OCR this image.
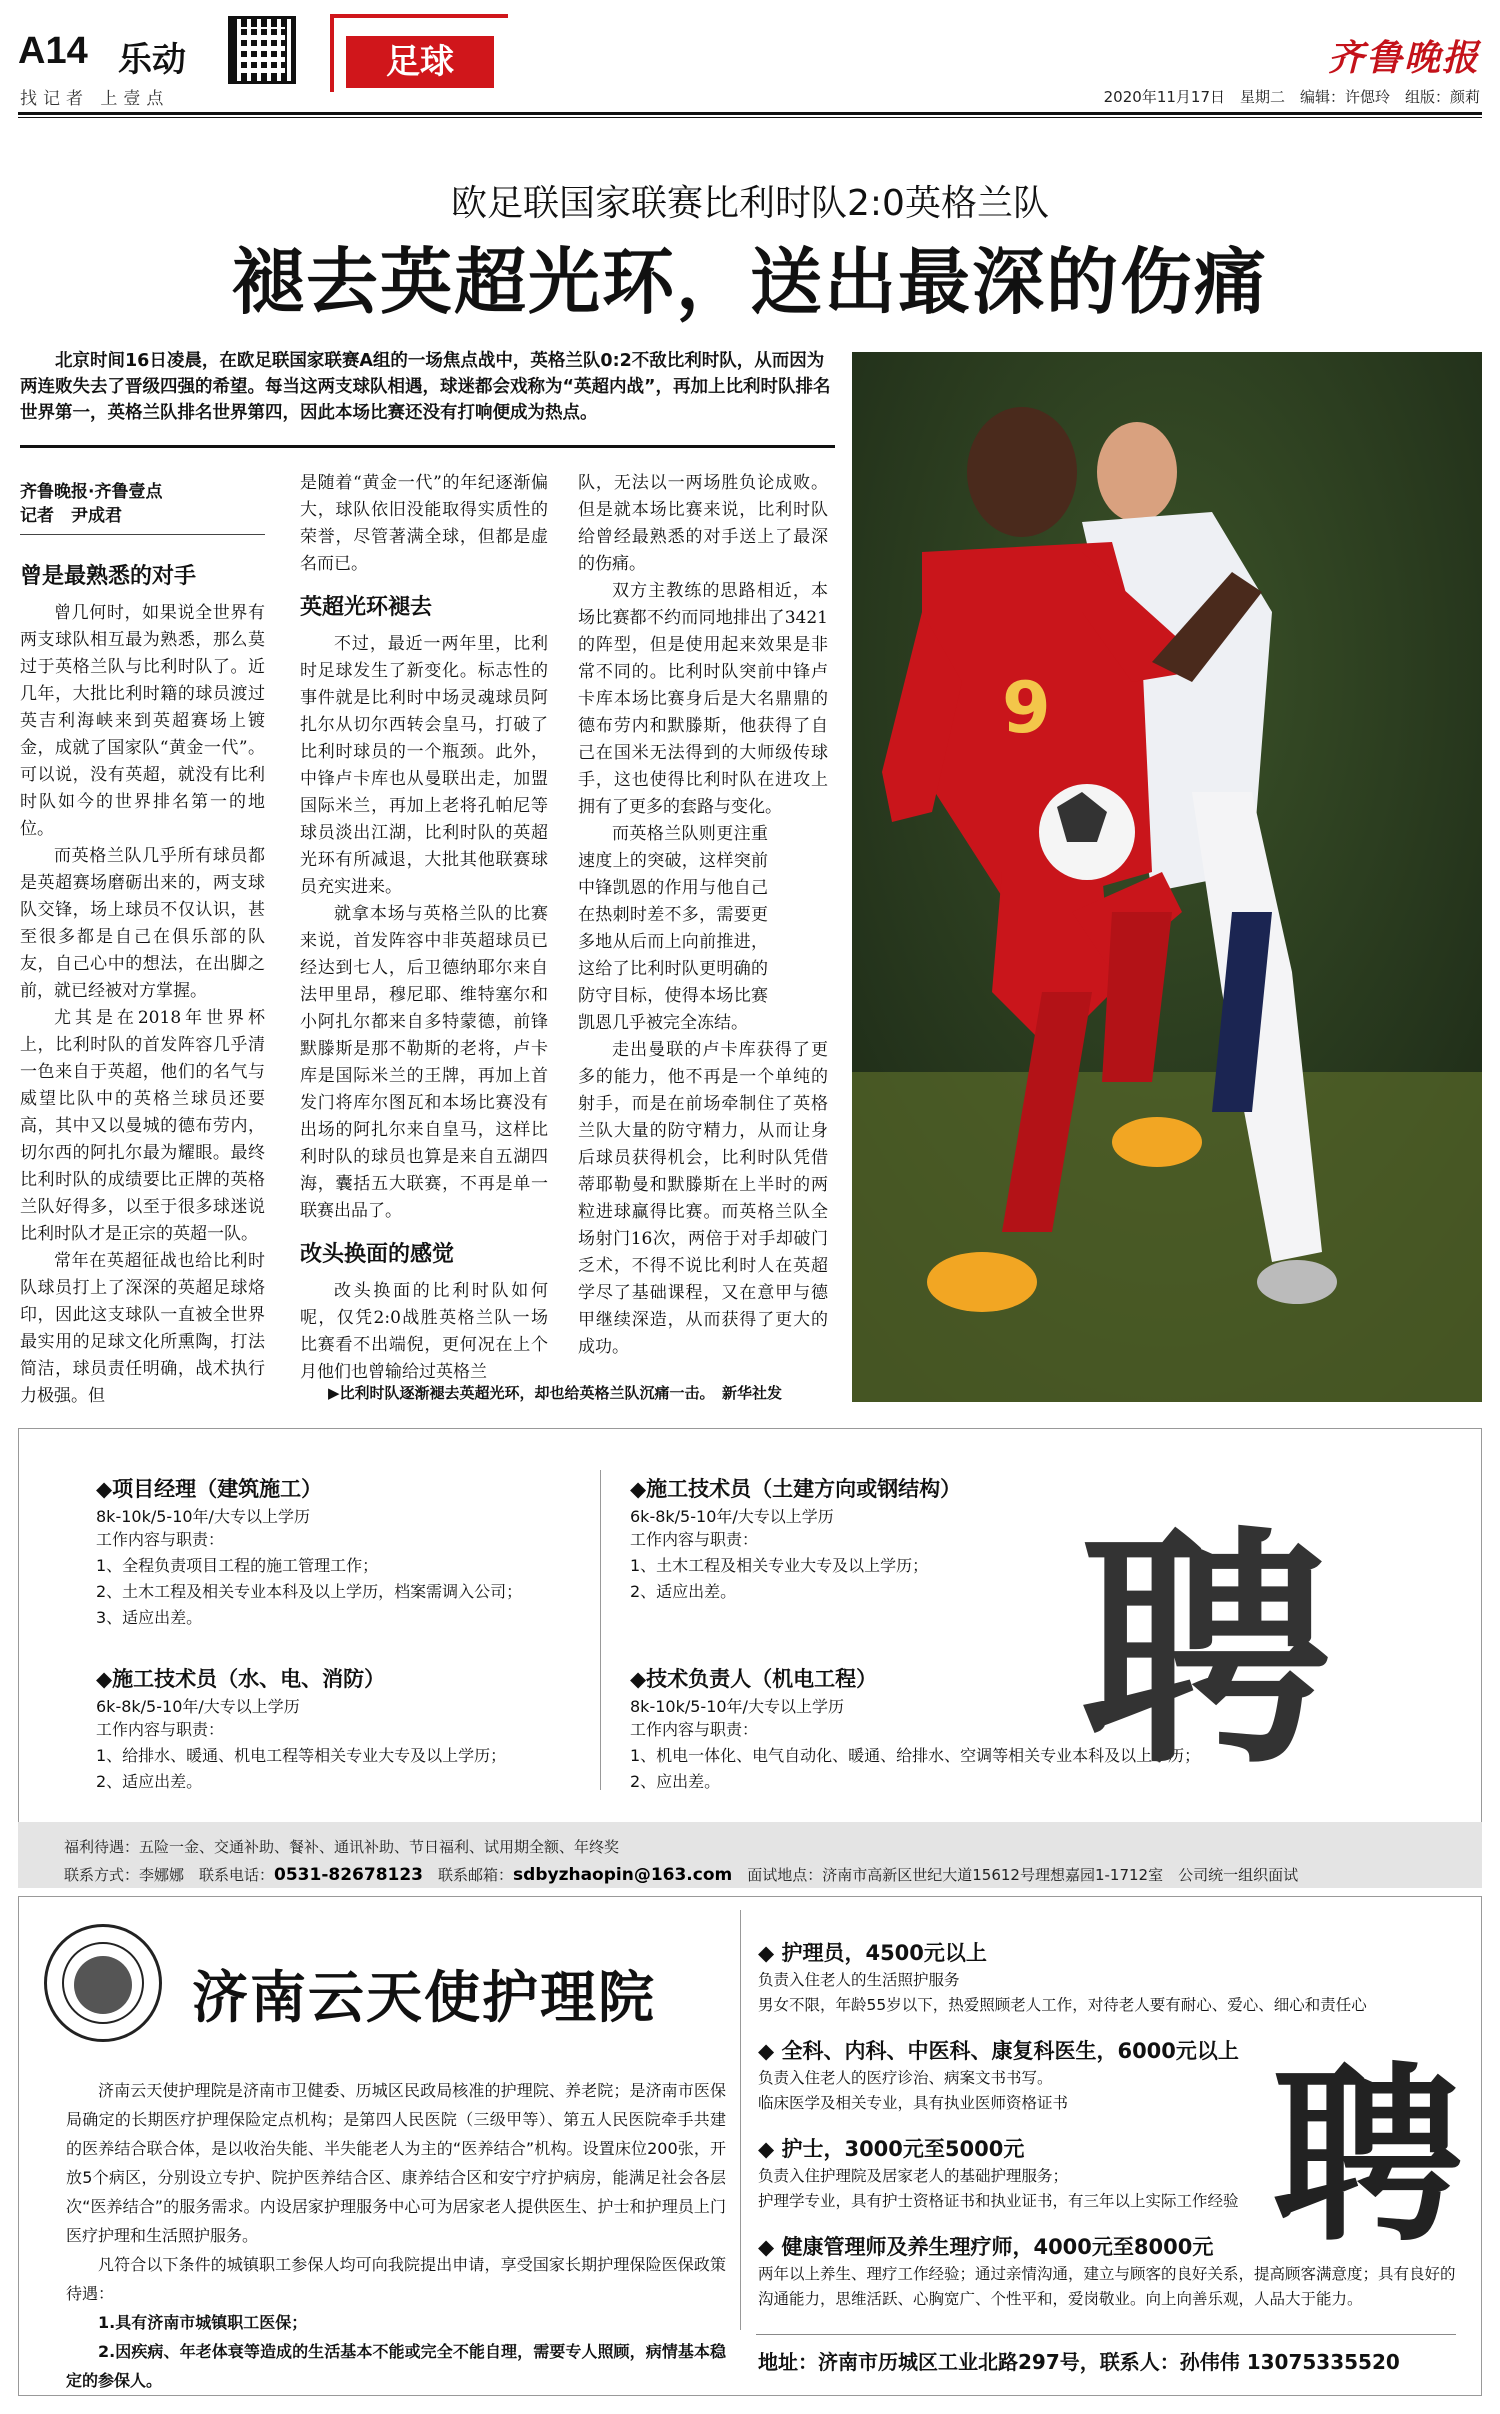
A14 乐动
找记者 上壹点
足球	齐鲁晚报
2020年11月17日　星期二　编辑：许偲玲　组版：颜莉
欧足联国家联赛比利时队2:0英格兰队
褪去英超光环，送出最深的伤痛
北京时间16日凌晨，在欧足联国家联赛A组的一场焦点战中，英格兰队0:2不敌比利时队，从而因为两连败失去了晋级四强的希望。每当这两支球队相遇，球迷都会戏称为“英超内战”，再加上比利时队排名世界第一，英格兰队排名世界第四，因此本场比赛还没有打响便成为热点。
9
齐鲁晚报·齐鲁壹点
记者　尹成君
曾是最熟悉的对手

曾几何时，如果说全世界有两支球队相互最为熟悉，那么莫过于英格兰队与比利时队了。近几年，大批比利时籍的球员渡过英吉利海峡来到英超赛场上镀金，成就了国家队“黄金一代”。可以说，没有英超，就没有比利时队如今的世界排名第一的地位。

而英格兰队几乎所有球员都是英超赛场磨砺出来的，两支球队交锋，场上球员不仅认识，甚至很多都是自己在俱乐部的队友，自己心中的想法，在出脚之前，就已经被对方掌握。

尤其是在2018年世界杯上，比利时队的首发阵容几乎清一色来自于英超，他们的名气与威望比队中的英格兰球员还要高，其中又以曼城的德布劳内，切尔西的阿扎尔最为耀眼。最终比利时队的成绩要比正牌的英格兰队好得多，以至于很多球迷说比利时队才是正宗的英超一队。

常年在英超征战也给比利时队球员打上了深深的英超足球烙印，因此这支球队一直被全世界最实用的足球文化所熏陶，打法简洁，球员责任明确，战术执行力极强。但

是随着“黄金一代”的年纪逐渐偏大，球队依旧没能取得实质性的荣誉，尽管著满全球，但都是虚名而已。

英超光环褪去

不过，最近一两年里，比利时足球发生了新变化。标志性的事件就是比利时中场灵魂球员阿扎尔从切尔西转会皇马，打破了比利时球员的一个瓶颈。此外，中锋卢卡库也从曼联出走，加盟国际米兰，再加上老将孔帕尼等球员淡出江湖，比利时队的英超光环有所减退，大批其他联赛球员充实进来。

就拿本场与英格兰队的比赛来说，首发阵容中非英超球员已经达到七人，后卫德纳耶尔来自法甲里昂，穆尼耶、维特塞尔和小阿扎尔都来自多特蒙德，前锋默滕斯是那不勒斯的老将，卢卡库是国际米兰的王牌，再加上首发门将库尔图瓦和本场比赛没有出场的阿扎尔来自皇马，这样比利时队的球员也算是来自五湖四海，囊括五大联赛，不再是单一联赛出品了。

改头换面的感觉

改头换面的比利时队如何呢，仅凭2:0战胜英格兰队一场比赛看不出端倪，更何况在上个月他们也曾输给过英格兰

队，无法以一两场胜负论成败。但是就本场比赛来说，比利时队给曾经最熟悉的对手送上了最深的伤痛。

双方主教练的思路相近，本场比赛都不约而同地排出了3421的阵型，但是使用起来效果是非常不同的。比利时队突前中锋卢卡库本场比赛身后是大名鼎鼎的德布劳内和默滕斯，他获得了自己在国米无法得到的大师级传球手，这也使得比利时队在进攻上拥有了更多的套路与变化。

而英格兰队则更注重速度上的突破，这样突前中锋凯恩的作用与他自己在热刺时差不多，需要更多地从后而上向前推进，这给了比利时队更明确的防守目标，使得本场比赛凯恩几乎被完全冻结。

走出曼联的卢卡库获得了更多的能力，他不再是一个单纯的射手，而是在前场牵制住了英格兰队大量的防守精力，从而让身后球员获得机会，比利时队凭借蒂耶勒曼和默滕斯在上半时的两粒进球赢得比赛。而英格兰队全场射门16次，两倍于对手却破门乏术，不得不说比利时人在英超学尽了基础课程，又在意甲与德甲继续深造，从而获得了更大的成功。

▶比利时队逐渐褪去英超光环，却也给英格兰队沉痛一击。　新华社发
◆项目经理（建筑施工）
8k-10k/5-10年/大专以上学历
工作内容与职责：
1、全程负责项目工程的施工管理工作；
2、土木工程及相关专业本科及以上学历，档案需调入公司；
3、适应出差。
◆施工技术员（土建方向或钢结构）
6k-8k/5-10年/大专以上学历
工作内容与职责：
1、土木工程及相关专业大专及以上学历；
2、适应出差。
◆施工技术员（水、电、消防）
6k-8k/5-10年/大专以上学历
工作内容与职责：
1、给排水、暖通、机电工程等相关专业大专及以上学历；
2、适应出差。
◆技术负责人（机电工程）
8k-10k/5-10年/大专以上学历
工作内容与职责：
1、机电一体化、电气自动化、暖通、给排水、空调等相关专业本科及以上学历；
2、应出差。	聘
福利待遇：五险一金、交通补助、餐补、通讯补助、节日福利、试用期全额、年终奖
联系方式：李娜娜　联系电话：0531-82678123　联系邮箱：sdbyzhaopin@163.com　面试地点：济南市高新区世纪大道15612号理想嘉园1-1712室　公司统一组织面试
济南云天使护理院

济南云天使护理院是济南市卫健委、历城区民政局核准的护理院、养老院；是济南市医保局确定的长期医疗护理保险定点机构；是第四人民医院（三级甲等）、第五人民医院牵手共建的医养结合联合体，是以收治失能、半失能老人为主的“医养结合”机构。设置床位200张，开放5个病区，分别设立专护、院护医养结合区、康养结合区和安宁疗护病房，能满足社会各层次“医养结合”的服务需求。内设居家护理服务中心可为居家老人提供医生、护士和护理员上门医疗护理和生活照护服务。

凡符合以下条件的城镇职工参保人均可向我院提出申请，享受国家长期护理保险医保政策待遇：

1.具有济南市城镇职工医保；

2.因疾病、年老体衰等造成的生活基本不能或完全不能自理，需要专人照顾，病情基本稳定的参保人。

◆ 护理员，4500元以上
负责入住老人的生活照护服务
男女不限，年龄55岁以下，热爱照顾老人工作，对待老人要有耐心、爱心、细心和责任心
◆ 全科、内科、中医科、康复科医生，6000元以上
负责入住老人的医疗诊治、病案文书书写。
临床医学及相关专业，具有执业医师资格证书
◆ 护士，3000元至5000元
负责入住护理院及居家老人的基础护理服务；
护理学专业，具有护士资格证书和执业证书，有三年以上实际工作经验
◆ 健康管理师及养生理疗师，4000元至8000元
两年以上养生、理疗工作经验；通过亲情沟通，建立与顾客的良好关系，提高顾客满意度；具有良好的沟通能力，思维活跃、心胸宽广、个性平和，爱岗敬业。向上向善乐观，人品大于能力。
聘
地址：济南市历城区工业北路297号，联系人：孙伟伟 13075335520
